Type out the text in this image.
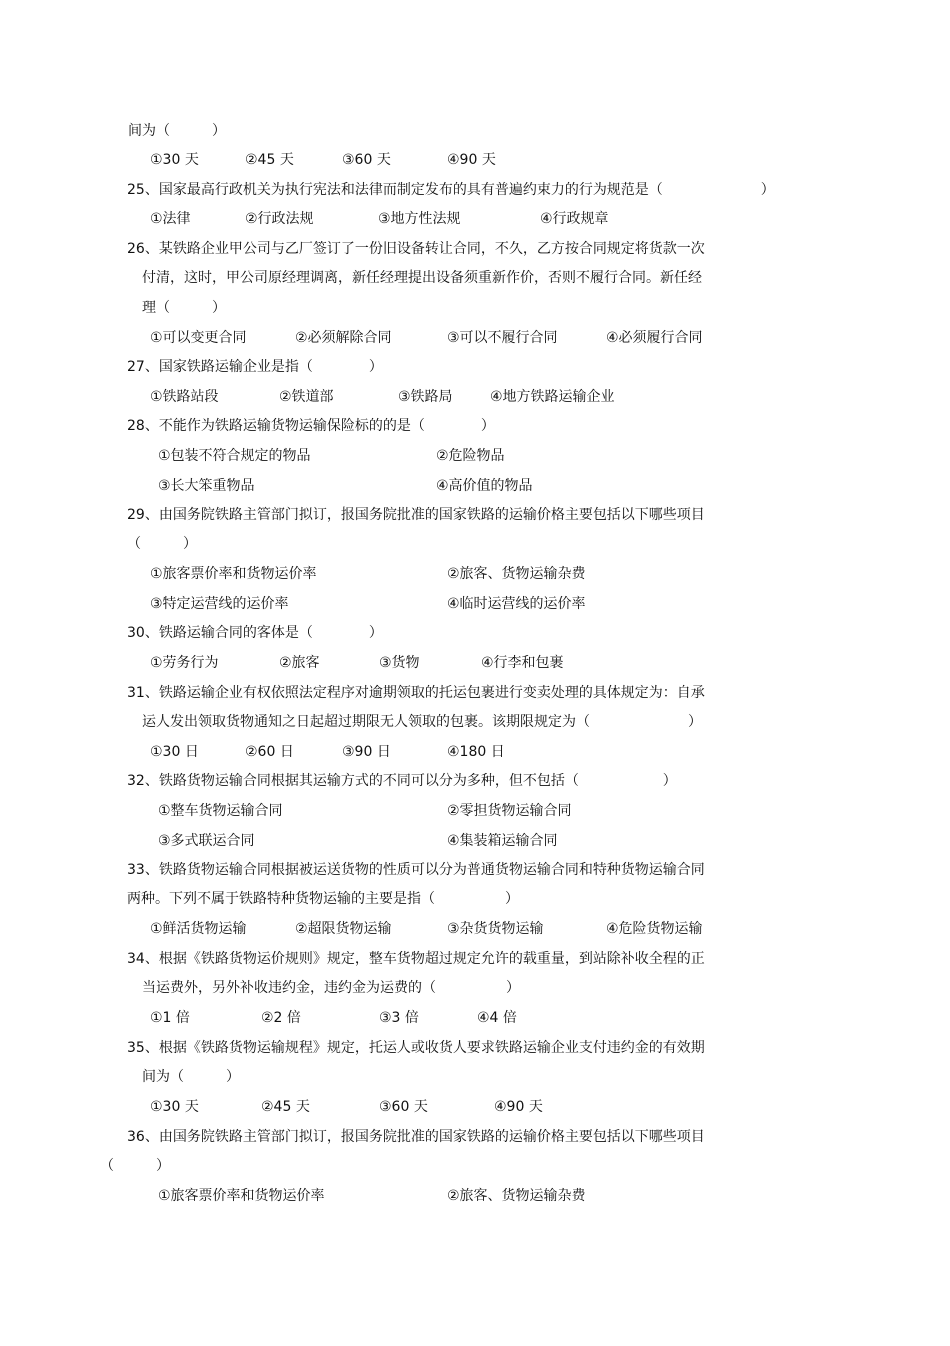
间为（　　　）
①30 天	②45 天	③60 天	④90 天
25、国家最高行政机关为执行宪法和法律而制定发布的具有普遍约束力的行为规范是（　　　　　　　）
①法律	②行政法规	③地方性法规	④行政规章
26、某铁路企业甲公司与乙厂签订了一份旧设备转让合同，不久，乙方按合同规定将货款一次
付清，这时，甲公司原经理调离，新任经理提出设备须重新作价，否则不履行合同。新任经
理（　　　）
①可以变更合同	②必须解除合同	③可以不履行合同	④必须履行合同
27、国家铁路运输企业是指（　　　　）
①铁路站段	②铁道部	③铁路局	④地方铁路运输企业
28、不能作为铁路运输货物运输保险标的的是（　　　　）
①包装不符合规定的物品	②危险物品
③长大笨重物品	④高价值的物品
29、由国务院铁路主管部门拟订，报国务院批准的国家铁路的运输价格主要包括以下哪些项目
（　　　）
①旅客票价率和货物运价率	②旅客、货物运输杂费
③特定运营线的运价率	④临时运营线的运价率
30、铁路运输合同的客体是（　　　　）
①劳务行为	②旅客	③货物	④行李和包裹
31、铁路运输企业有权依照法定程序对逾期领取的托运包裹进行变卖处理的具体规定为：自承
运人发出领取货物通知之日起超过期限无人领取的包裹。该期限规定为（　　　　　　　）
①30 日	②60 日	③90 日	④180 日
32、铁路货物运输合同根据其运输方式的不同可以分为多种，但不包括（　　　　　　）
①整车货物运输合同	②零担货物运输合同
③多式联运合同	④集装箱运输合同
33、铁路货物运输合同根据被运送货物的性质可以分为普通货物运输合同和特种货物运输合同
两种。下列不属于铁路特种货物运输的主要是指（　　　　　）
①鲜活货物运输	②超限货物运输	③杂货货物运输	④危险货物运输
34、根据《铁路货物运价规则》规定，整车货物超过规定允许的载重量，到站除补收全程的正
当运费外，另外补收违约金，违约金为运费的（　　　　　）
①1 倍	②2 倍	③3 倍	④4 倍
35、根据《铁路货物运输规程》规定，托运人或收货人要求铁路运输企业支付违约金的有效期
间为（　　　）
①30 天	②45 天	③60 天	④90 天
36、由国务院铁路主管部门拟订，报国务院批准的国家铁路的运输价格主要包括以下哪些项目
（　　　）
①旅客票价率和货物运价率	②旅客、货物运输杂费
